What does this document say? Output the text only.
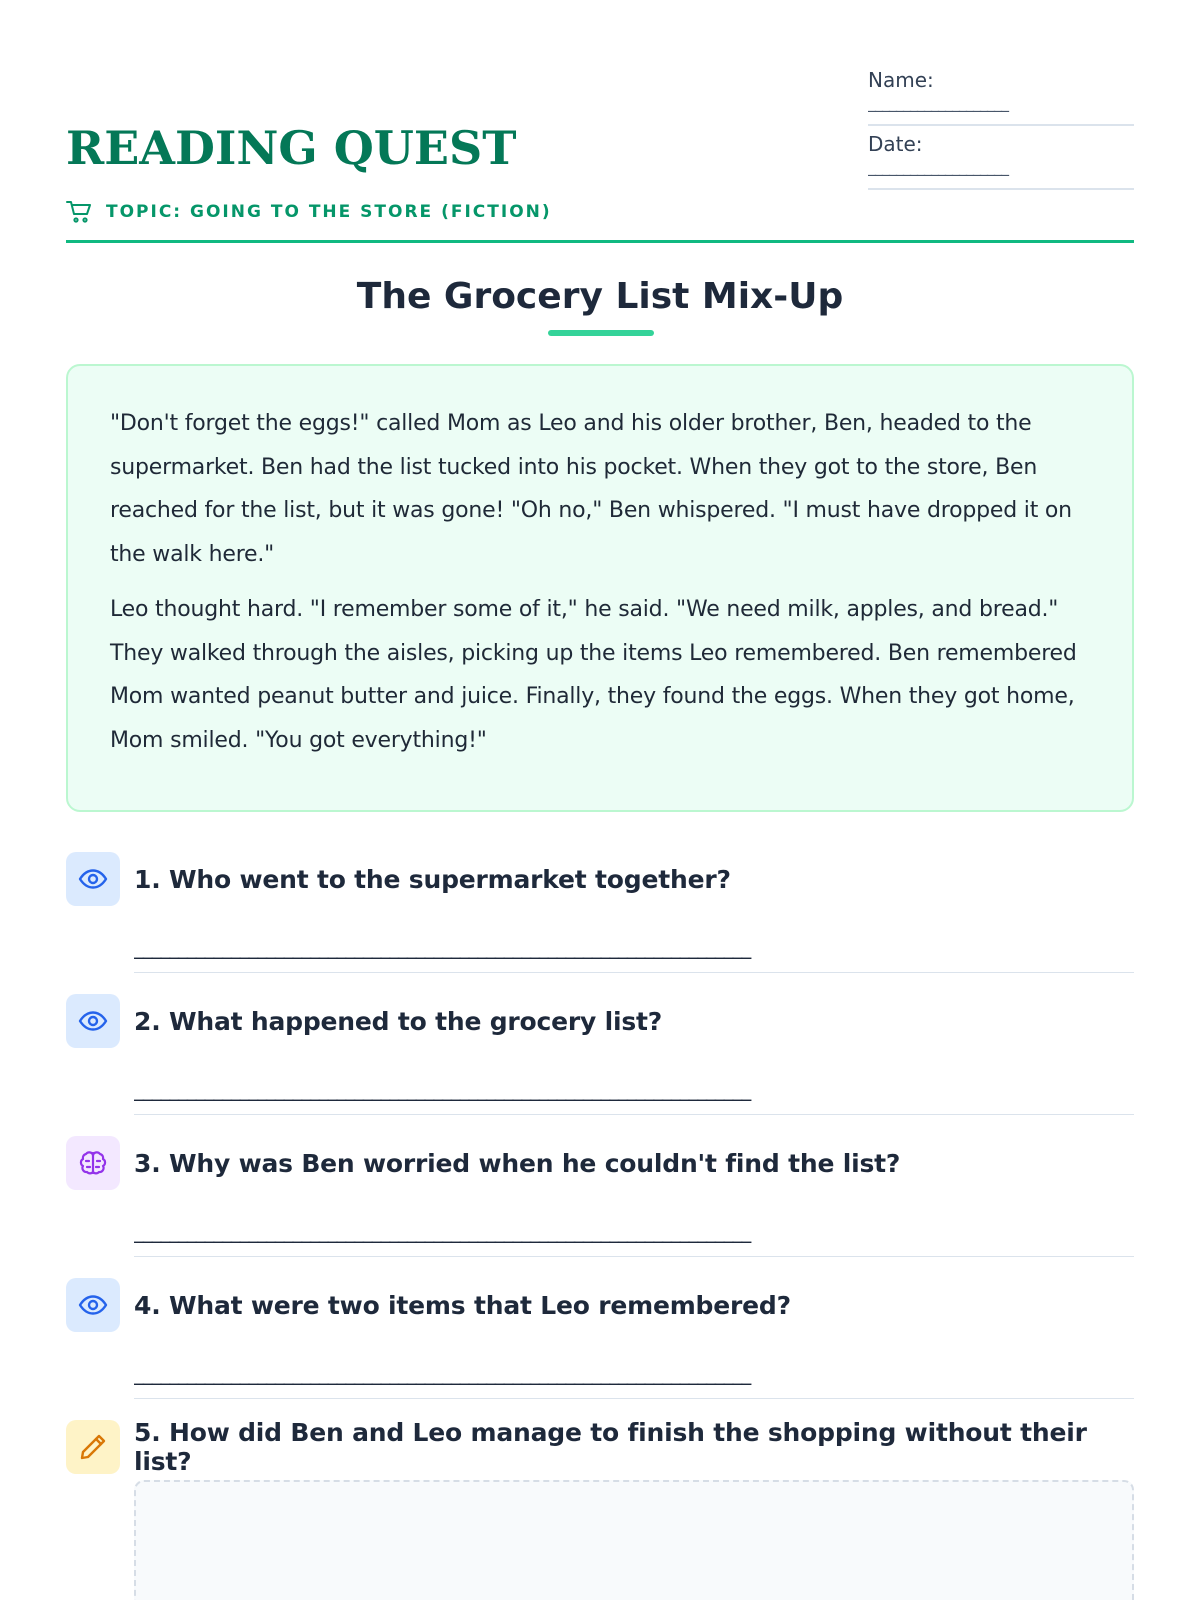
Name:
____________________
Date:
____________________
READING QUEST
TOPIC: GOING TO THE STORE (FICTION)
The Grocery List Mix-Up

"Don't forget the eggs!" called Mom as Leo and his older brother, Ben, headed to the supermarket. Ben had the list tucked into his pocket. When they got to the store, Ben reached for the list, but it was gone! "Oh no," Ben whispered. "I must have dropped it on the walk here."

Leo thought hard. "I remember some of it," he said. "We need milk, apples, and bread." They walked through the aisles, picking up the items Leo remembered. Ben remembered Mom wanted peanut butter and juice. Finally, they found the eggs. When they got home, Mom smiled. "You got everything!"

1. Who went to the supermarket together?
______________________________________________________________________
2. What happened to the grocery list?
______________________________________________________________________
3. Why was Ben worried when he couldn't find the list?
______________________________________________________________________
4. What were two items that Leo remembered?
______________________________________________________________________
5. How did Ben and Leo manage to finish the shopping without their list?
